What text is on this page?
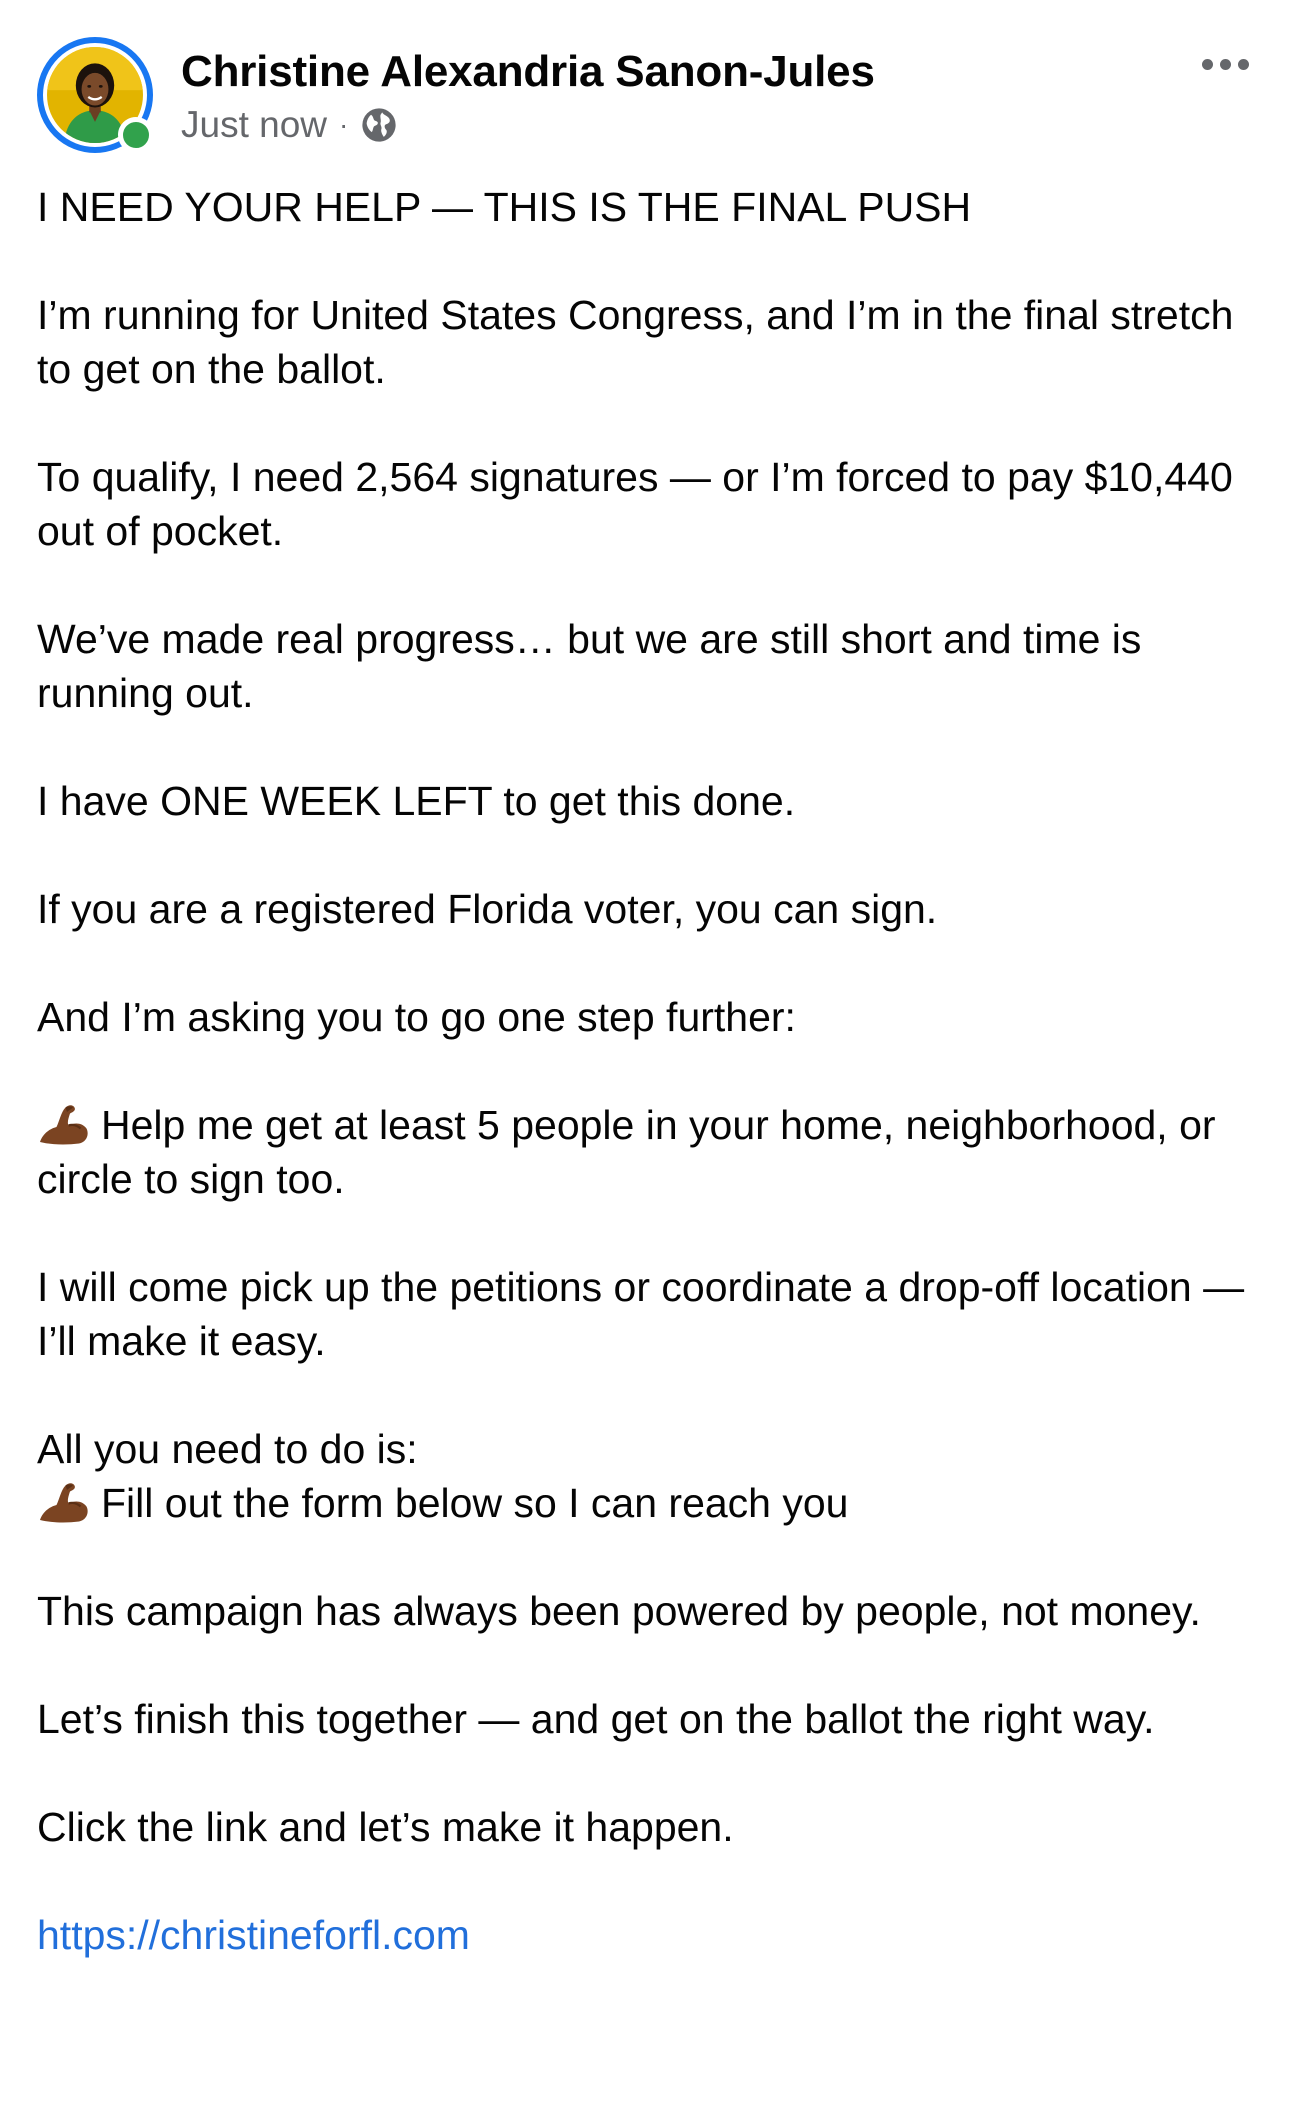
Christine Alexandria Sanon-Jules
Just now ·

I NEED YOUR HELP — THIS IS THE FINAL PUSH

I’m running for United States Congress, and I’m in the final stretch to get on the ballot.

To qualify, I need 2,564 signatures — or I’m forced to pay $10,440 out of pocket.

We’ve made real progress… but we are still short and time is running out.

I have ONE WEEK LEFT to get this done.

If you are a registered Florida voter, you can sign.

And I’m asking you to go one step further:

Help me get at least 5 people in your home, neighborhood, or circle to sign too.

I will come pick up the petitions or coordinate a drop-off location — I’ll make it easy.

All you need to do is:

Fill out the form below so I can reach you

This campaign has always been powered by people, not money.

Let’s finish this together — and get on the ballot the right way.

Click the link and let’s make it happen.

https://christineforfl.com
